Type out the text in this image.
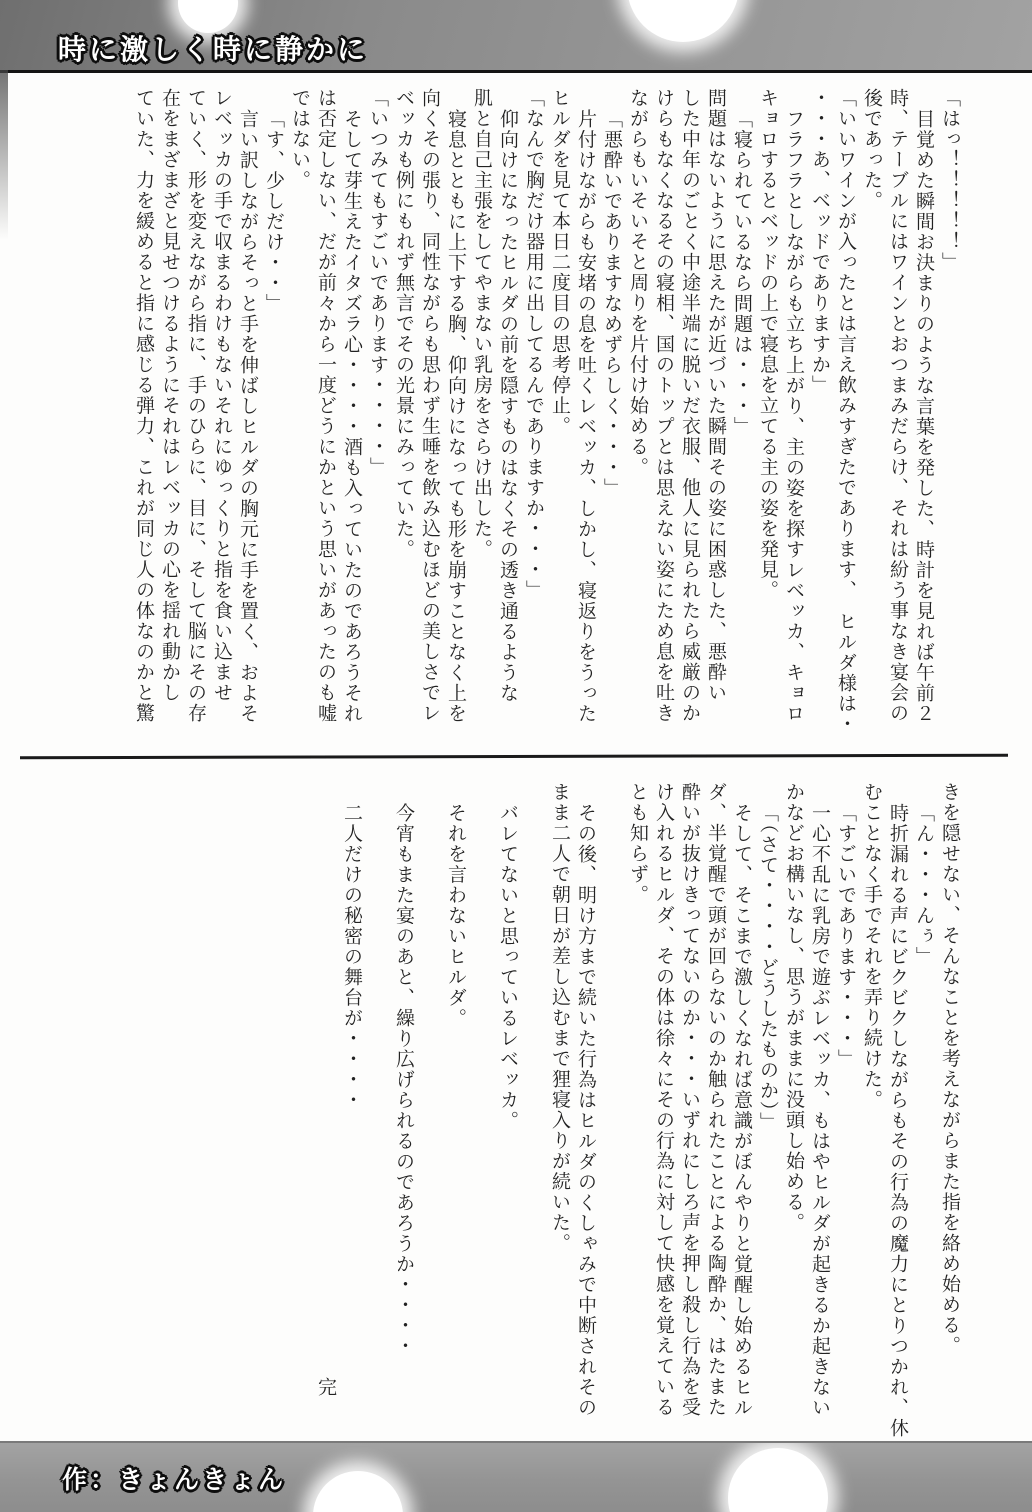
時に激しく時に静かに
「はっ！！！！！」
目覚めた瞬間お決まりのような言葉を発した、時計を見れば午前２
時、テーブルにはワインとおつまみだらけ、それは紛う事なき宴会の
後であった。
「いいワインが入ったとは言え飲みすぎたであります、　ヒルダ様は・
・・・あ、ベッドでありますか」
フラフラとしながらも立ち上がり、主の姿を探すレベッカ、キョロ
キョロするとベッドの上で寝息を立てる主の姿を発見。
「寝られているなら問題は・・・」
問題はないように思えたが近づいた瞬間その姿に困惑した、悪酔い
した中年のごとく中途半端に脱いだ衣服、他人に見られたら威厳のか
けらもなくなるその寝相、国のトップとは思えない姿にため息を吐き
ながらもいそいそと周りを片付け始める。
「悪酔いでありますなめずらしく・・・」
片付けながらも安堵の息を吐くレベッカ、しかし、寝返りをうった
ヒルダを見て本日二度目の思考停止。
「なんで胸だけ器用に出してるんでありますか・・・」
仰向けになったヒルダの前を隠すものはなくその透き通るような
肌と自己主張をしてやまない乳房をさらけ出した。
寝息とともに上下する胸、仰向けになっても形を崩すことなく上を
向くその張り、同性ながらも思わず生唾を飲み込むほどの美しさでレ
ベッカも例にもれず無言でその光景にみっていた。
「いつみてもすごいであります・・・・」
そして芽生えたイタズラ心・・・・酒も入っていたのであろうそれ
は否定しない、だが前々から一度どうにかという思いがあったのも嘘
ではない。
「す、少しだけ・・」
言い訳しながらそっと手を伸ばしヒルダの胸元に手を置く、およそ
レベッカの手で収まるわけもないそれにゆっくりと指を食い込ませ
ていく、形を変えながら指に、手のひらに、目に、そして脳にその存
在をまざまざと見せつけるようにそれはレベッカの心を揺れ動かし
ていた、力を緩めると指に感じる弾力、これが同じ人の体なのかと驚
きを隠せない、そんなことを考えながらまた指を絡め始める。
「ん・・・んぅ」
時折漏れる声にビクビクしながらもその行為の魔力にとりつかれ、休
むことなく手でそれを弄り続けた。
「すごいであります・・・」
一心不乱に乳房で遊ぶレベッカ、もはやヒルダが起きるか起きない
かなどお構いなし、思うがままに没頭し始める。
「（さて・・・・どうしたものか）」
そして、そこまで激しくなれば意識がぼんやりと覚醒し始めるヒル
ダ、半覚醒で頭が回らないのか触られたことによる陶酔か、はたまた
酔いが抜けきってないのか・・・いずれにしろ声を押し殺し行為を受
け入れるヒルダ、その体は徐々にその行為に対して快感を覚えている
とも知らず。
その後、明け方まで続いた行為はヒルダのくしゃみで中断されその
まま二人で朝日が差し込むまで狸寝入りが続いた。
バレてないと思っているレベッカ。
それを言わないヒルダ。
今宵もまた宴のあと、繰り広げられるのであろうか・・・・
二人だけの秘密の舞台が・・・・
完
作：きょんきょん
